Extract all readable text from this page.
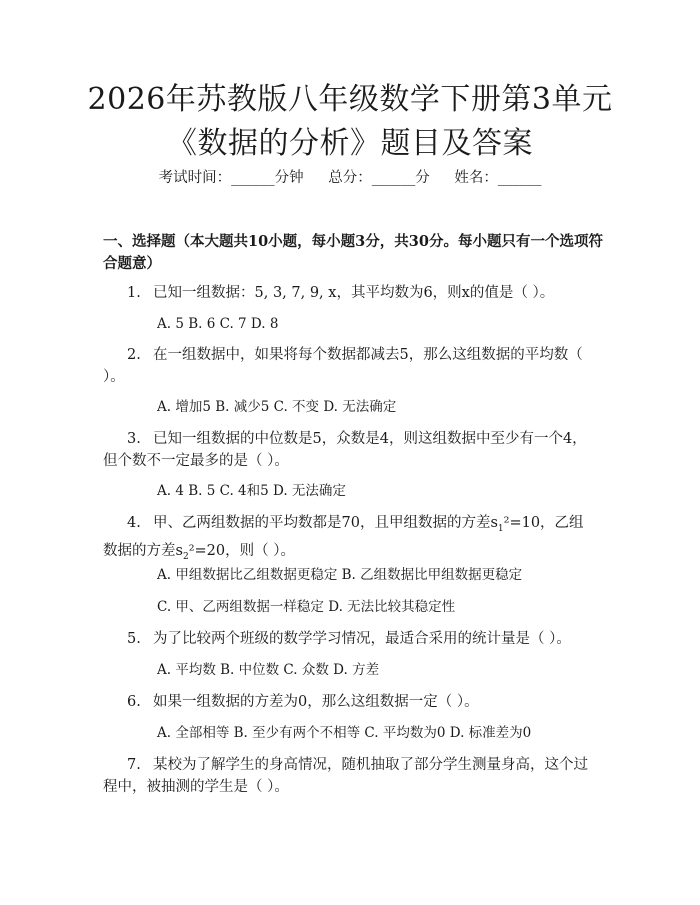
2026年苏教版八年级数学下册第3单元《数据的分析》题目及答案
考试时间：______分钟 总分：______分 姓名：______
一、选择题（本大题共10小题，每小题3分，共30分。每小题只有一个选项符合题意）
1. 已知一组数据：5, 3, 7, 9, x，其平均数为6，则x的值是（ ）。
A. 5 B. 6 C. 7 D. 8
2. 在一组数据中，如果将每个数据都减去5，那么这组数据的平均数（ ）。
A. 增加5 B. 减少5 C. 不变 D. 无法确定
3. 已知一组数据的中位数是5，众数是4，则这组数据中至少有一个4，但个数不一定最多的是（ ）。
A. 4 B. 5 C. 4和5 D. 无法确定
4. 甲、乙两组数据的平均数都是70，且甲组数据的方差$s_1^2=10$，乙组数据的方差$s_2^2=20$，则（ ）。
A. 甲组数据比乙组数据更稳定 B. 乙组数据比甲组数据更稳定
C. 甲、乙两组数据一样稳定 D. 无法比较其稳定性
5. 为了比较两个班级的数学学习情况，最适合采用的统计量是（ ）。
A. 平均数 B. 中位数 C. 众数 D. 方差
6. 如果一组数据的方差为0，那么这组数据一定（ ）。
A. 全部相等 B. 至少有两个不相等 C. 平均数为0 D. 标准差为0
7. 某校为了解学生的身高情况，随机抽取了部分学生测量身高，这个过程中，被抽测的学生是（ ）。
